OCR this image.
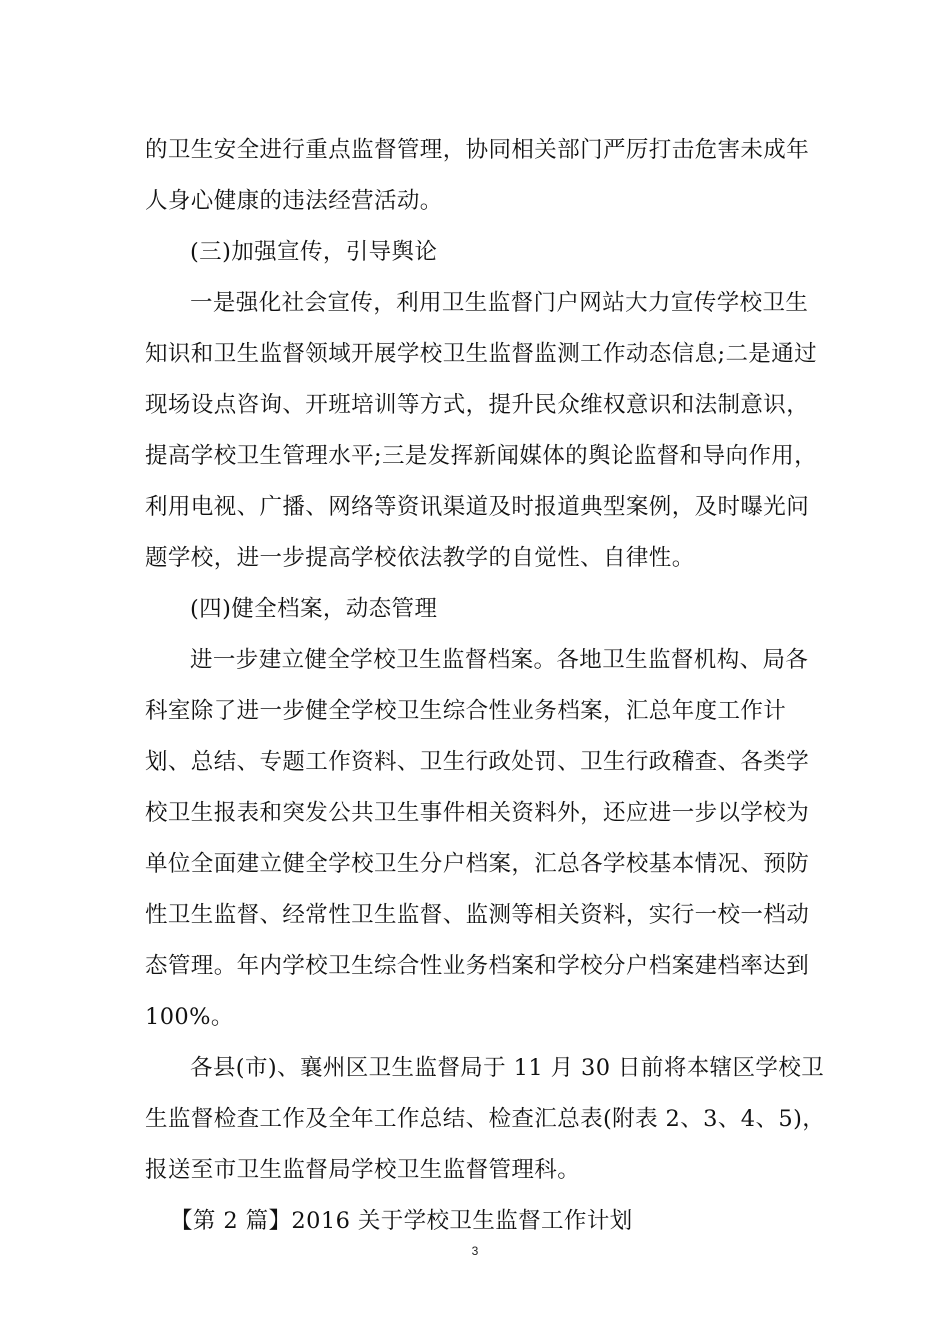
的卫生安全进行重点监督管理，协同相关部门严厉打击危害未成年
人身心健康的违法经营活动。
(三)加强宣传，引导舆论
一是强化社会宣传，利用卫生监督门户网站大力宣传学校卫生
知识和卫生监督领域开展学校卫生监督监测工作动态信息;二是通过
现场设点咨询、开班培训等方式，提升民众维权意识和法制意识，
提高学校卫生管理水平;三是发挥新闻媒体的舆论监督和导向作用，
利用电视、广播、网络等资讯渠道及时报道典型案例，及时曝光问
题学校，进一步提高学校依法教学的自觉性、自律性。
(四)健全档案，动态管理
进一步建立健全学校卫生监督档案。各地卫生监督机构、局各
科室除了进一步健全学校卫生综合性业务档案，汇总年度工作计
划、总结、专题工作资料、卫生行政处罚、卫生行政稽查、各类学
校卫生报表和突发公共卫生事件相关资料外，还应进一步以学校为
单位全面建立健全学校卫生分户档案，汇总各学校基本情况、预防
性卫生监督、经常性卫生监督、监测等相关资料，实行一校一档动
态管理。年内学校卫生综合性业务档案和学校分户档案建档率达到
100%。
各县(市)、襄州区卫生监督局于 11 月 30 日前将本辖区学校卫
生监督检查工作及全年工作总结、检查汇总表(附表 2、3、4、5)，
报送至市卫生监督局学校卫生监督管理科。
【第 2 篇】2016 关于学校卫生监督工作计划
3
